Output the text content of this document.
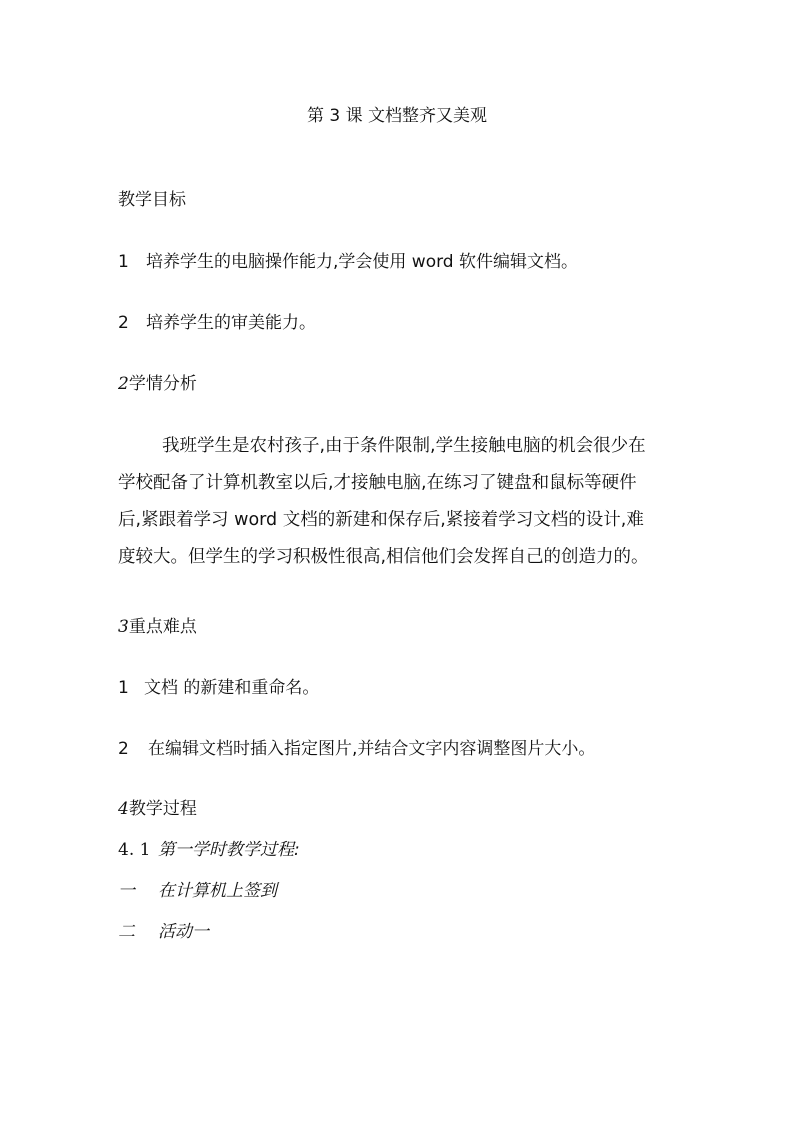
第 3 课 文档整齐又美观
教学目标
1 培养学生的电脑操作能力,学会使用 word 软件编辑文档。
2 培养学生的审美能力。
2学情分析
我班学生是农村孩子,由于条件限制,学生接触电脑的机会很少在
学校配备了计算机教室以后,才接触电脑,在练习了键盘和鼠标等硬件
后,紧跟着学习 word 文档的新建和保存后,紧接着学习文档的设计,难
度较大。但学生的学习积极性很高,相信他们会发挥自己的创造力的。
3重点难点
1 文档 的新建和重命名。
2 在编辑文档时插入指定图片,并结合文字内容调整图片大小。
4教学过程
4. 1 第一学时教学过程:
一 在计算机上签到
二 活动一
